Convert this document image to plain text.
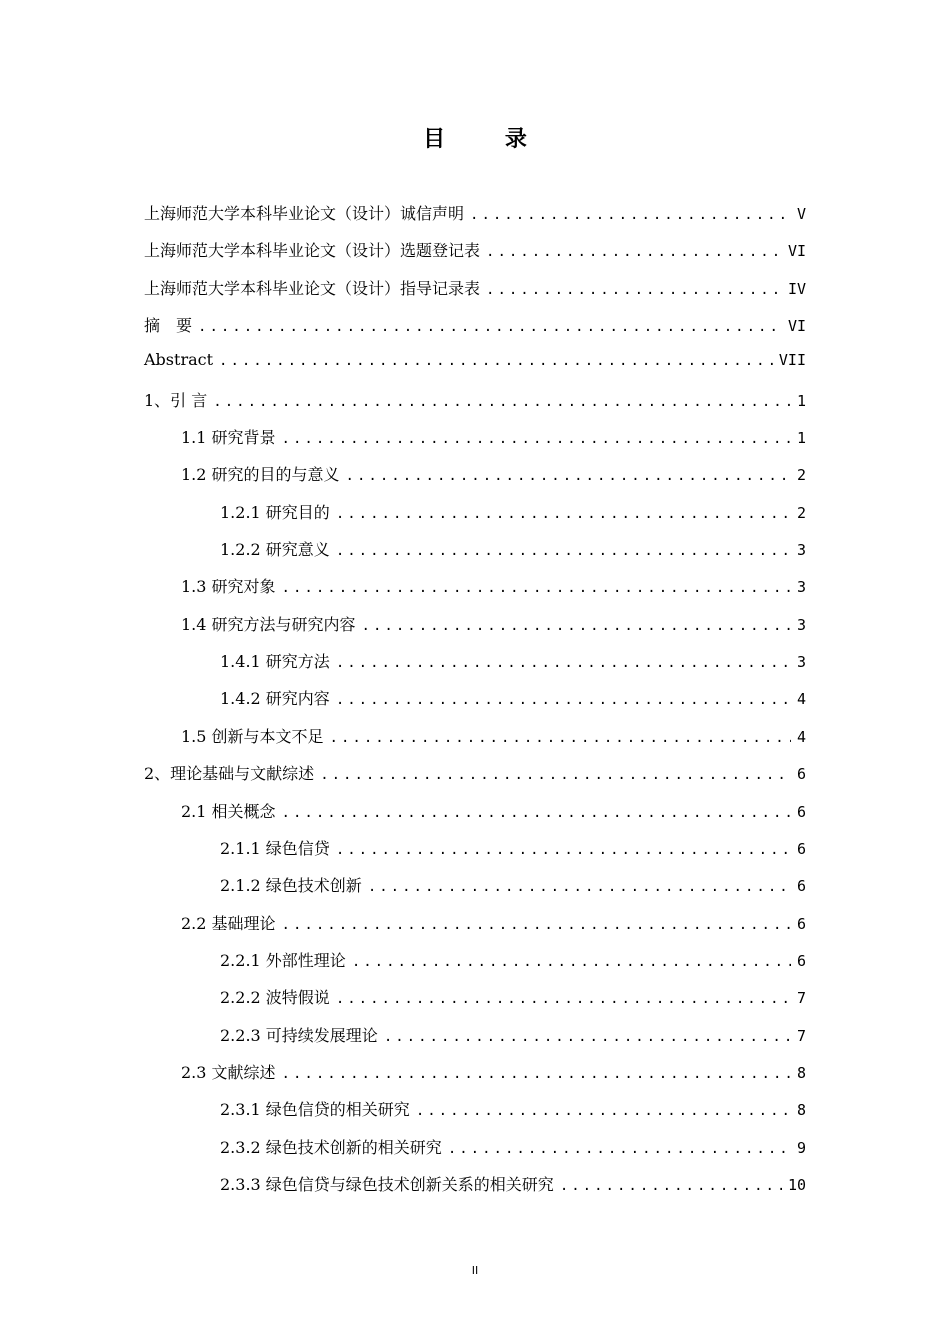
目 录
上海师范大学本科毕业论文（设计）诚信声明 .....	V
上海师范大学本科毕业论文（设计）选题登记表 .....	VI
上海师范大学本科毕业论文（设计）指导记录表 .....	IV
摘　要 .....	VI
Abstract .....	VII
1、引 言 .....	1
1.1 研究背景 .....	1
1.2 研究的目的与意义 .....	2
1.2.1 研究目的 .....	2
1.2.2 研究意义 .....	3
1.3 研究对象 .....	3
1.4 研究方法与研究内容 .....	3
1.4.1 研究方法 .....	3
1.4.2 研究内容 .....	4
1.5 创新与本文不足 .....	4
2、理论基础与文献综述 .....	6
2.1 相关概念 .....	6
2.1.1 绿色信贷 .....	6
2.1.2 绿色技术创新 .....	6
2.2 基础理论 .....	6
2.2.1 外部性理论 .....	6
2.2.2 波特假说 .....	7
2.2.3 可持续发展理论 .....	7
2.3 文献综述 .....	8
2.3.1 绿色信贷的相关研究 .....	8
2.3.2 绿色技术创新的相关研究 .....	9
2.3.3 绿色信贷与绿色技术创新关系的相关研究 .....	10
II
